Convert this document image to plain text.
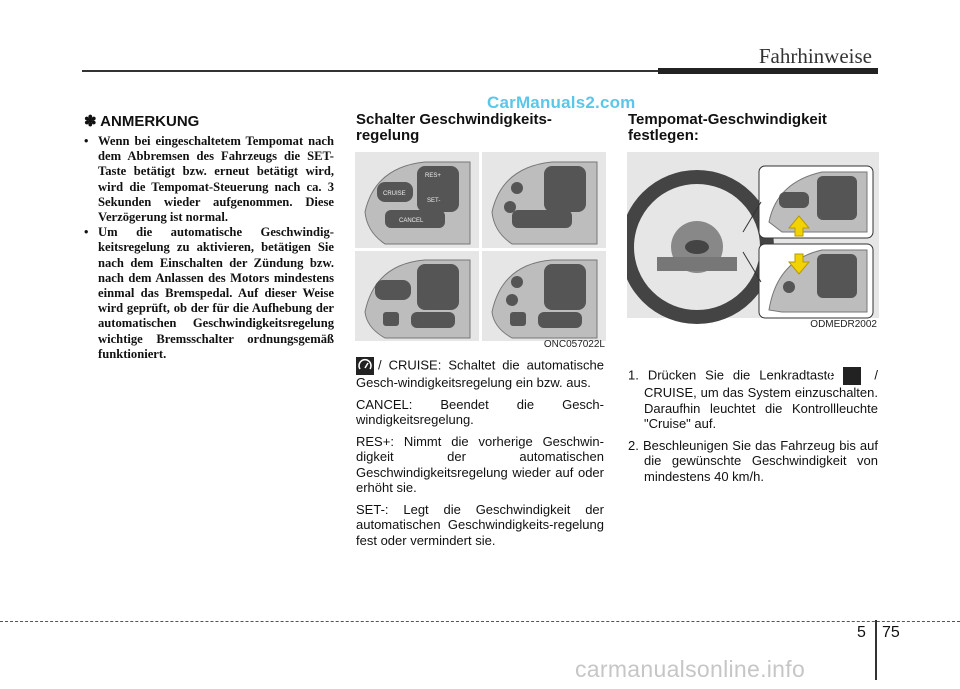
Fahrhinweise
CarManuals2.com
✽ ANMERKUNG
• Wenn bei eingeschaltetem Tempomat nach dem Abbremsen des Fahrzeugs die SET-Taste betätigt bzw. erneut betätigt wird, wird die Tempomat-Steuerung nach ca. 3 Sekunden wieder aufgenommen. Diese Verzögerung ist normal.
• Um die automatische Geschwindig-keitsregelung zu aktivieren, betätigen Sie nach dem Einschalten der Zündung bzw. nach dem Anlassen des Motors mindestens einmal das Bremspedal. Auf dieser Weise wird geprüft, ob der für die Aufhebung der automatischen Geschwindigkeitsregelung wichtige Bremsschalter ordnungsgemäß funktioniert.
Schalter Geschwindigkeits-regelung
CRUISE
RES+
SET-
CANCEL
ONC057022L
/ CRUISE: Schaltet die automatische Gesch-windigkeitsregelung ein bzw. aus.
CANCEL: Beendet die Gesch-windigkeitsregelung.
RES+: Nimmt die vorherige Geschwin-digkeit der automatischen Geschwindigkeitsregelung wieder auf oder erhöht sie.
SET-: Legt die Geschwindigkeit der automatischen Geschwindigkeits-regelung fest oder vermindert sie.
Tempomat-Geschwindigkeit festlegen:
ODMEDR2002
1. Drücken Sie die Lenkradtaste	/ CRUISE, um das System einzuschalten. Daraufhin leuchtet die Kontrollleuchte "Cruise" auf.
2. Beschleunigen Sie das Fahrzeug bis auf die gewünschte Geschwindigkeit von mindestens 40 km/h.
5 75
carmanualsonline.info
